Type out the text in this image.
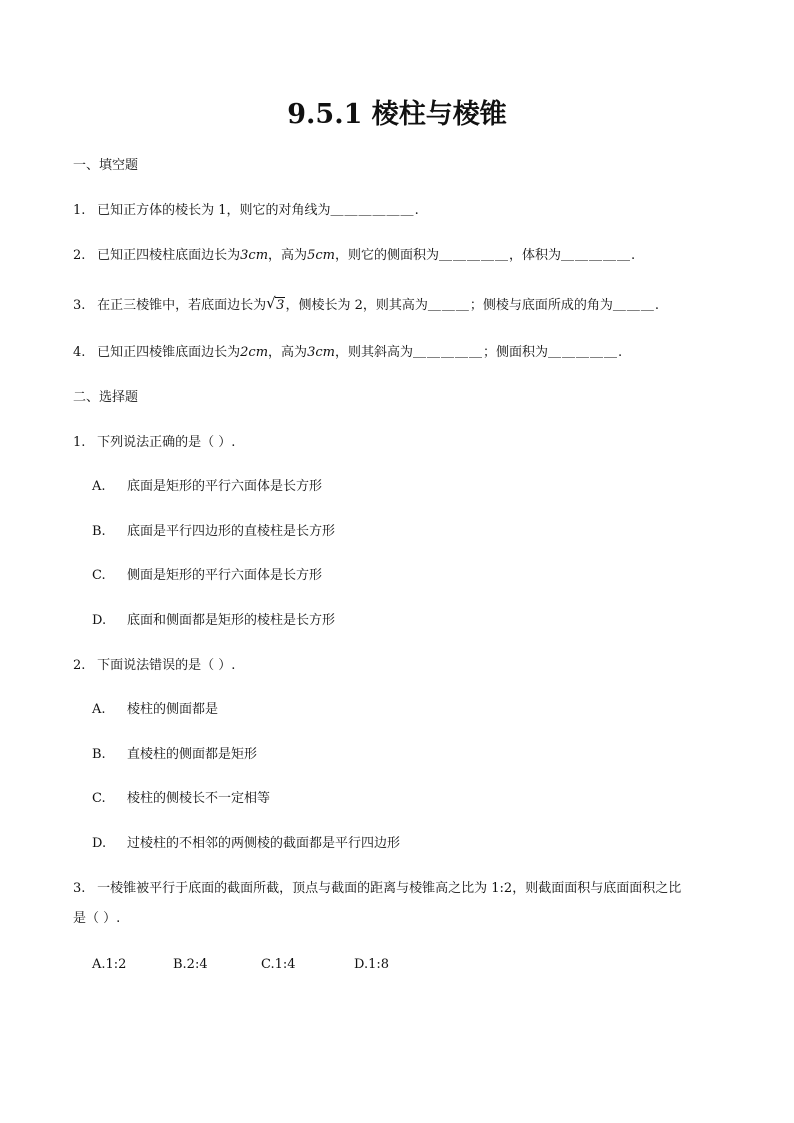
9.5.1 棱柱与棱锥
一、填空题
1. 已知正方体的棱长为 1，则它的对角线为＿＿＿＿＿＿.
2. 已知正四棱柱底面边长为3cm，高为5cm，则它的侧面积为＿＿＿＿＿，体积为＿＿＿＿＿.
3. 在正三棱锥中，若底面边长为 √ 3，侧棱长为 2，则其高为＿＿＿；侧棱与底面所成的角为＿＿＿.
4. 已知正四棱锥底面边长为2cm，高为3cm，则其斜高为＿＿＿＿＿；侧面积为＿＿＿＿＿.
二、选择题
1. 下列说法正确的是（ ）.
A. 底面是矩形的平行六面体是长方形
B. 底面是平行四边形的直棱柱是长方形
C. 侧面是矩形的平行六面体是长方形
D. 底面和侧面都是矩形的棱柱是长方形
2. 下面说法错误的是（ ）.
A. 棱柱的侧面都是
B. 直棱柱的侧面都是矩形
C. 棱柱的侧棱长不一定相等
D. 过棱柱的不相邻的两侧棱的截面都是平行四边形
3. 一棱锥被平行于底面的截面所截，顶点与截面的距离与棱锥高之比为 1:2，则截面面积与底面面积之比
是（ ）.
A.1:2	B.2:4	C.1:4	D.1:8
